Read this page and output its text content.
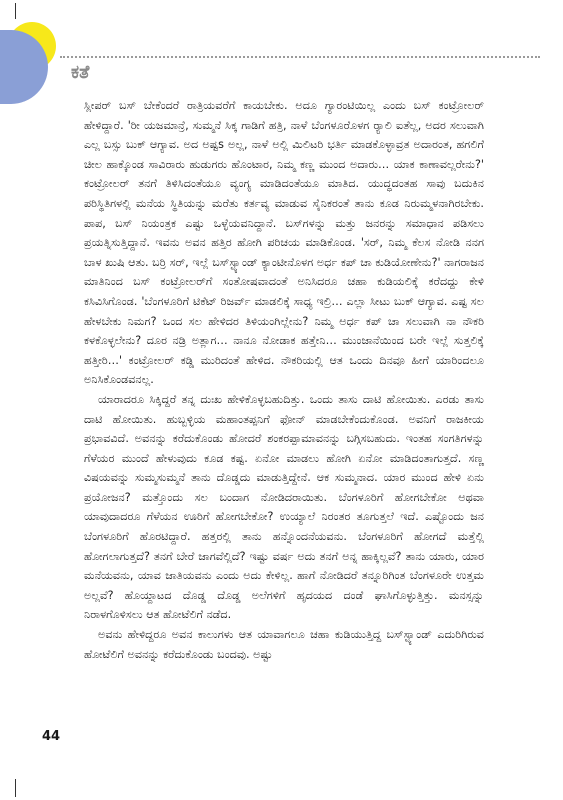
ಕತೆ

ಸ್ಲೀಪರ್ ಬಸ್ ಬೇಕೆಂದರೆ ರಾತ್ರಿಯವರೆಗೆ ಕಾಯಬೇಕು. ಅದೂ ಗ್ಯಾರಂಟಿಯಿಲ್ಲ ಎಂದು ಬಸ್ ಕಂಟ್ರೋಲರ್ ಹೇಳಿದ್ದಾರೆ. 'ರೀ ಯಜಮಾನ್ರೆ, ಸುಮ್ಮನೆ ಸಿಕ್ಕ ಗಾಡಿಗೆ ಹತ್ರಿ, ನಾಳೆ ಬೆಂಗಳೂರೊಳಗ ರ‍್ಯಾಲಿ ಐತೆಲ್ಲ, ಅದರ ಸಲುವಾಗಿ ಎಲ್ಲ ಬಸ್ಸು ಬುಕ್ ಆಗ್ಯಾವ. ಅದ ಅಷ್ಟs ಅಲ್ಲ, ನಾಳೆ ಅಲ್ಲಿ ಮಿಲಿಟರಿ ಭರ್ತಿ ಮಾಡಕೊಳ್ಳಾವ್ರತ ಅದಾರಂತ, ಹಗಲಿಗೆ ಚೀಲ ಹಾಕ್ಕೊಂಡ ಸಾವಿರಾರು ಹುಡುಗರು ಹೊಂಟಾರ, ನಿಮ್ಮ ಕಣ್ಣ ಮುಂದ ಅದಾರು… ಯಾಕ ಕಾಣಾವಲ್ಲರೇನು?' ಕಂಟ್ರೋಲರ್ ತನಗೆ ತಿಳಿಸಿದಂತೆಯೂ ವ್ಯಂಗ್ಯ ಮಾಡಿದಂತೆಯೂ ಮಾತಿದ. ಯುದ್ಧದಂತಹ ಸಾವು ಬದುಕಿನ ಪರಿಸ್ಥಿತಿಗಳಲ್ಲಿ ಮನೆಯ ಸ್ಥಿತಿಯನ್ನು ಮರೆತು ಕರ್ತವ್ಯ ಮಾಡುವ ಸೈನಿಕರಂತೆ ತಾನು ಕೂಡ ನಿರುಮ್ಮಳನಾಗಿರಬೇಕು. ಪಾಪ, ಬಸ್ ನಿಯಂತ್ರಕ ಎಷ್ಟು ಒಳ್ಳೆಯವನಿದ್ದಾನೆ. ಬಸ್‌ಗಳನ್ನು ಮತ್ತು ಜನರನ್ನು ಸಮಾಧಾನ ಪಡಿಸಲು ಪ್ರಯತ್ನಿಸುತ್ತಿದ್ದಾನೆ. ಇವನು ಅವನ ಹತ್ತಿರ ಹೋಗಿ ಪರಿಚಯ ಮಾಡಿಕೊಂಡ. 'ಸರ್, ನಿಮ್ಮ ಕೆಲಸ ನೋಡಿ ನನಗ ಬಾಳ ಖುಷಿ ಆತು. ಬರ್‍ರಿ ಸರ್, ಇಲ್ಲೆ ಬಸ್‌ಸ್ಟ್ಯಾಂಡ್ ಕ್ಯಾಂಟೀನೊಳಗ ಅರ್ಧ ಕಪ್ ಚಾ ಕುಡಿಯೋಣೇನು?' ನಾಗರಾಜನ ಮಾತಿನಿಂದ ಬಸ್ ಕಂಟ್ರೋಲರ್‌ಗೆ ಸಂತೋಷವಾದಂತೆ ಅನಿಸಿದರೂ ಚಹಾ ಕುಡಿಯಲಿಕ್ಕೆ ಕರೆದದ್ದು ಕೇಳಿ ಕಸಿವಿಸಿಗೊಂಡ. 'ಬೆಂಗಳೂರಿಗೆ ಟಿಕೆಟ್ ರಿಜರ್ವ್ ಮಾಡಲಿಕ್ಕೆ ಸಾಧ್ಯ ಇಲ್ರಿ… ಎಲ್ಲಾ ಸೀಟು ಬುಕ್ ಆಗ್ಯಾವ. ಎಷ್ಟ ಸಲ ಹೇಳಬೇಕು ನಿಮಗ? ಒಂದ ಸಲ ಹೇಳಿದರ ತಿಳಿಯಂಗಿಲ್ಲೇನು? ನಿಮ್ಮ ಅರ್ಧ ಕಪ್ ಚಾ ಸಲುವಾಗಿ ನಾ ನೌಕರಿ ಕಳಕೊಳ್ಳಲೇನು? ದೂರ ನಡ್ರಿ ಅತ್ಲಾಗ… ನಾನೂ ನೋಡಾಕ ಹತ್ತೇನಿ… ಮುಂಜಾನೆಯಿಂದ ಬರೇ ಇಲ್ಲೆ ಸುತ್ತಲಿಕ್ಕೆ ಹತ್ತೀರಿ…' ಕಂಟ್ರೋಲರ್ ಕಡ್ಡಿ ಮುರಿದಂತೆ ಹೇಳಿದ. ನೌಕರಿಯಲ್ಲಿ ಆತ ಒಂದು ದಿನವೂ ಹೀಗೆ ಯಾರಿಂದಲೂ ಅನಿಸಿಕೊಂಡವನಲ್ಲ.

ಯಾರಾದರೂ ಸಿಕ್ಕಿದ್ದರೆ ತನ್ನ ದುಃಖ ಹೇಳಿಕೊಳ್ಳಬಹುದಿತ್ತು. ಒಂದು ತಾಸು ದಾಟಿ ಹೋಯಿತು. ಎರಡು ತಾಸು ದಾಟಿ ಹೋಯಿತು. ಹುಬ್ಬಳ್ಳಿಯ ಮಹಾಂತಪ್ಪನಿಗೆ ಫೋನ್ ಮಾಡಬೇಕೆಂದುಕೊಂಡ. ಅವನಿಗೆ ರಾಜಕೀಯ ಪ್ರಭಾವವಿದೆ. ಅವನನ್ನು ಕರೆದುಕೊಂಡು ಹೋದರೆ ಶಂಕರಪ್ಪಾಮಾವನನ್ನು ಬಗ್ಗಿಸಬಹುದು. ಇಂತಹ ಸಂಗತಿಗಳನ್ನು ಗೆಳೆಯರ ಮುಂದೆ ಹೇಳುವುದು ಕೂಡ ಕಷ್ಟ. ಏನೋ ಮಾಡಲು ಹೋಗಿ ಏನೋ ಮಾಡಿದಂತಾಗುತ್ತದೆ. ಸಣ್ಣ ವಿಷಯವನ್ನು ಸುಮ್ಮಸುಮ್ಮನೆ ತಾನು ದೊಡ್ಡದು ಮಾಡುತ್ತಿದ್ದೇನೆ. ಆಕ ಸುಮ್ಮನಾದ. ಯಾರ ಮುಂದ ಹೇಳಿ ಏನು ಪ್ರಯೋಜನ? ಮತ್ತೊಂದು ಸಲ ಬಂದಾಗ ನೋಡಿದರಾಯಿತು. ಬೆಂಗಳೂರಿಗೆ ಹೋಗಬೇಕೋ ಅಥವಾ ಯಾವುದಾದರೂ ಗೆಳೆಯನ ಊರಿಗೆ ಹೋಗಬೇಕೋ? ಉಯ್ಯಾಲೆ ನಿರಂತರ ತೂಗುತ್ತಲೆ ಇದೆ. ಎಷ್ಟೊಂದು ಜನ ಬೆಂಗಳೂರಿಗೆ ಹೊರಟಿದ್ದಾರೆ. ಹತ್ತರಲ್ಲಿ ತಾನು ಹನ್ನೊಂದನೆಯವನು. ಬೆಂಗಳೂರಿಗೆ ಹೋಗದೆ ಮತ್ತೆಲ್ಲಿ ಹೋಗಲಾಗುತ್ತದೆ? ತನಗೆ ಬೇರೆ ಜಾಗವೆಲ್ಲಿದೆ? ಇಷ್ಟು ವರ್ಷ ಅದು ತನಗೆ ಅನ್ನ ಹಾಕ್ಕಿಲ್ಲವೆ? ತಾನು ಯಾರು, ಯಾರ ಮನೆಯವನು, ಯಾವ ಜಾತಿಯವನು ಎಂದು ಅದು ಕೇಳಿಲ್ಲ. ಹಾಗೆ ನೋಡಿದರೆ ತನ್ನೂರಿಗಿಂತ ಬೆಂಗಳೂರೇ ಉತ್ತಮ ಅಲ್ಲವೆ? ಹೊಯ್ದಾಟದ ದೊಡ್ಡ ದೊಡ್ಡ ಅಲೆಗಳಿಗೆ ಹೃದಯದ ದಂಡೆ ಘಾಸಿಗೊಳ್ಳುತ್ತಿತ್ತು. ಮನಸ್ಸನ್ನು ನಿರಾಳಗೊಳಿಸಲು ಆತ ಹೋಟೆಲಿಗೆ ನಡೆದ.

ಅವನು ಹೇಳಿದ್ದರೂ ಅವನ ಕಾಲುಗಳು ಆತ ಯಾವಾಗಲೂ ಚಹಾ ಕುಡಿಯುತ್ತಿದ್ದ ಬಸ್‌ಸ್ಟ್ಯಾಂಡ್ ಎದುರಿಗಿರುವ ಹೋಟೆಲಿಗೆ ಅವನನ್ನು ಕರೆದುಕೊಂಡು ಬಂದವು. ಅಷ್ಟು

44
